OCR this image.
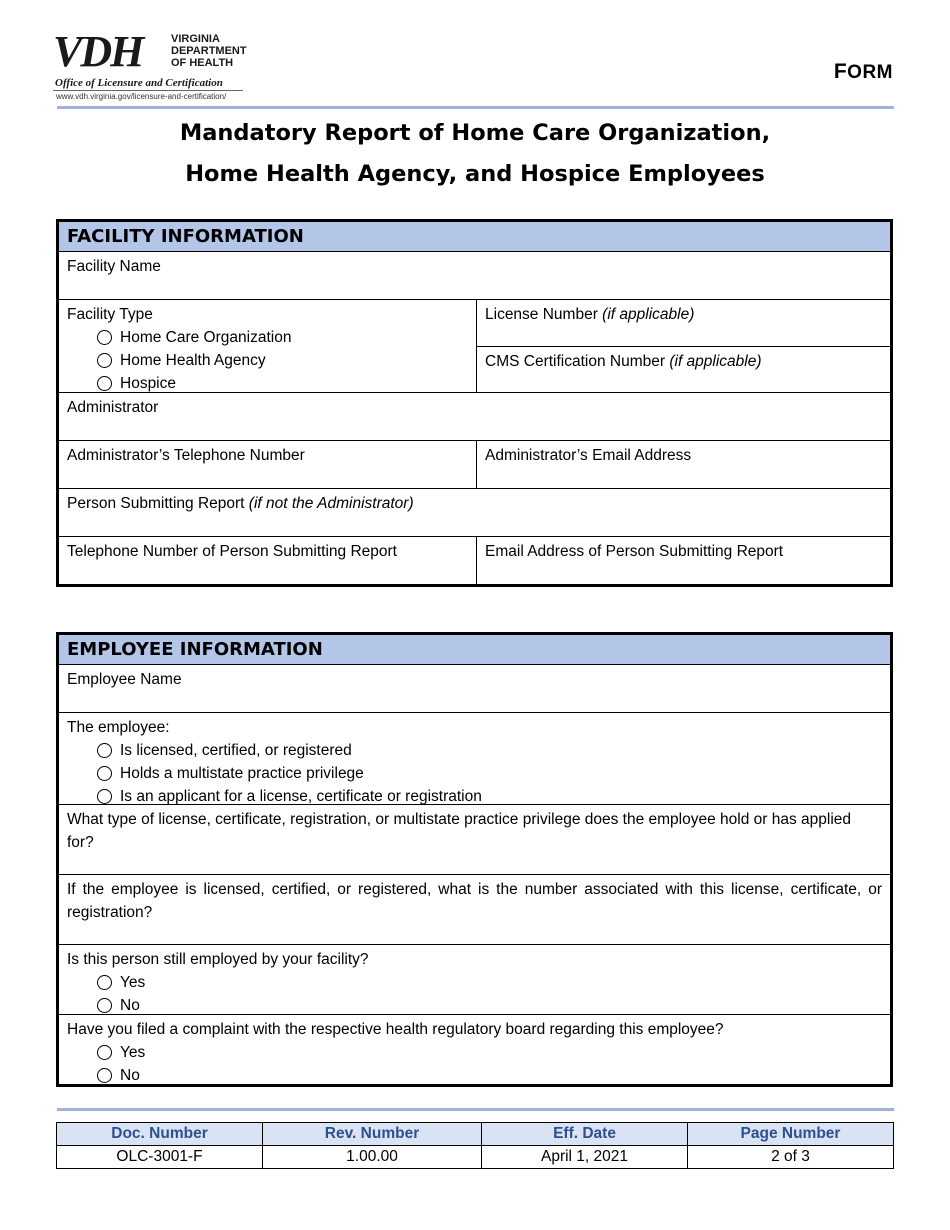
VDH	VIRGINIA
DEPARTMENT
OF HEALTH
Office of Licensure and Certification
www.vdh.virginia.gov/licensure-and-certification/
FORM
Mandatory Report of Home Care Organization,
Home Health Agency, and Hospice Employees
FACILITY INFORMATION
Facility Name
Facility Type
Home Care Organization
Home Health Agency
Hospice
License Number (if applicable)
CMS Certification Number (if applicable)
Administrator
Administrator’s Telephone Number	Administrator’s Email Address
Person Submitting Report (if not the Administrator)
Telephone Number of Person Submitting Report	Email Address of Person Submitting Report
EMPLOYEE INFORMATION
Employee Name
The employee:
Is licensed, certified, or registered
Holds a multistate practice privilege
Is an applicant for a license, certificate or registration
What type of license, certificate, registration, or multistate practice privilege does the employee hold or has applied for?
If the employee is licensed, certified, or registered, what is the number associated with this license, certificate, or registration?
Is this person still employed by your facility?
Yes
No
Have you filed a complaint with the respective health regulatory board regarding this employee?
Yes
No
Doc. Number	Rev. Number	Eff. Date	Page Number
OLC-3001-F	1.00.00	April 1, 2021	2 of 3
